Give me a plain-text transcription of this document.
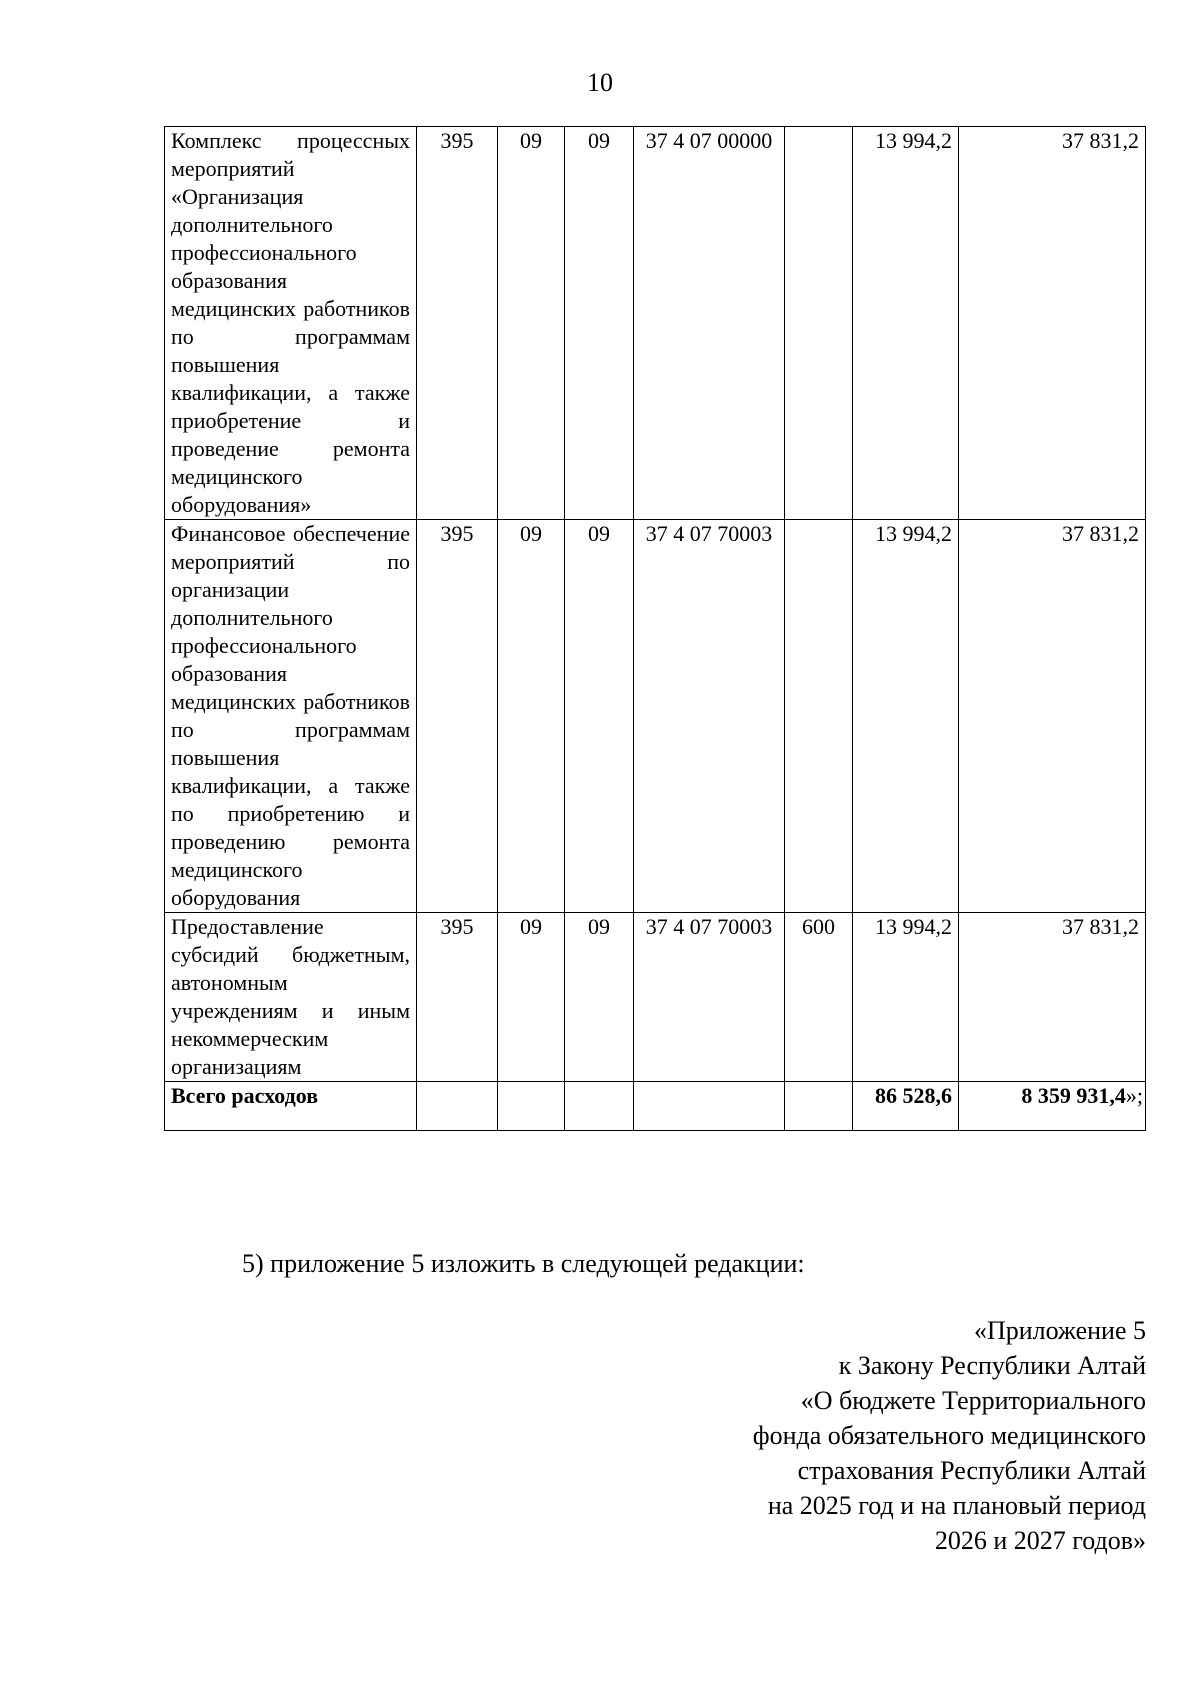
10
Комплекс процессных мероприятий «Организация дополнительного профессионального образования медицинских работников по программам повышения квалификации, а также приобретение и проведение ремонта медицинского оборудования»	395	09	09	37 4 07 00000		13 994,2	37 831,2
Финансовое обеспечение мероприятий по организации дополнительного профессионального образования медицинских работников по программам повышения квалификации, а также по приобретению и проведению ремонта медицинского оборудования	395	09	09	37 4 07 70003		13 994,2	37 831,2
Предоставление субсидий бюджетным, автономным учреждениям и иным некоммерческим организациям	395	09	09	37 4 07 70003	600	13 994,2	37 831,2
Всего расходов						86 528,6	8 359 931,4»;
5) приложение 5 изложить в следующей редакции:
«Приложение 5
к Закону Республики Алтай
«О бюджете Территориального
фонда обязательного медицинского
страхования Республики Алтай
на 2025 год и на плановый период
2026 и 2027 годов»
